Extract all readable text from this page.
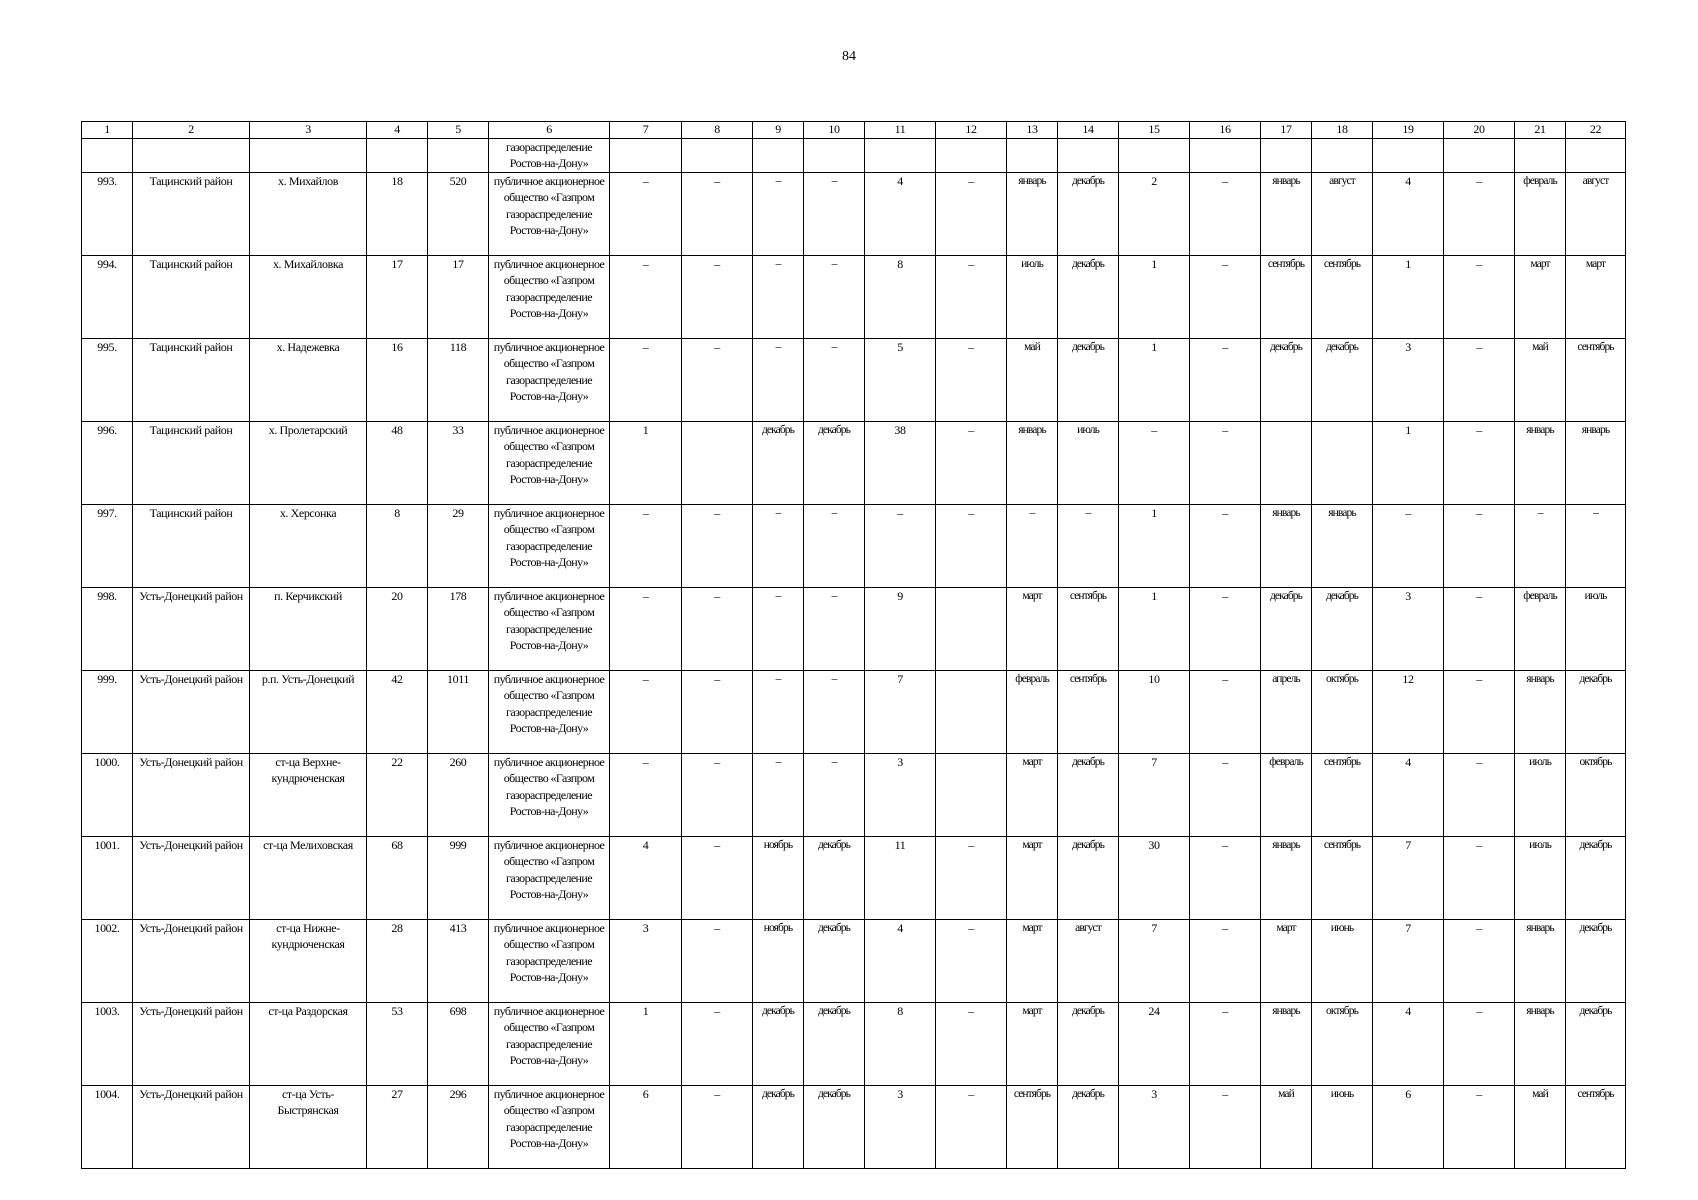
84
1	2	3	4	5	6	7	8	9	10	11	12	13	14	15	16	17	18	19	20	21	22
					газораспределение Ростов-на-Дону»																
993.	Тацинский район	х. Михайлов	18	520	публичное акционерное общество «Газпром газораспределение Ростов-на-Дону»	–	–	–	–	4	–	январь	декабрь	2	–	январь	август	4	–	февраль	август
994.	Тацинский район	х. Михайловка	17	17	публичное акционерное общество «Газпром газораспределение Ростов-на-Дону»	–	–	–	–	8	–	июль	декабрь	1	–	сентябрь	сентябрь	1	–	март	март
995.	Тацинский район	х. Надежевка	16	118	публичное акционерное общество «Газпром газораспределение Ростов-на-Дону»	–	–	–	–	5	–	май	декабрь	1	–	декабрь	декабрь	3	–	май	сентябрь
996.	Тацинский район	х. Пролетарский	48	33	публичное акционерное общество «Газпром газораспределение Ростов-на-Дону»	1		декабрь	декабрь	38	–	январь	июль	–	–			1	–	январь	январь
997.	Тацинский район	х. Херсонка	8	29	публичное акционерное общество «Газпром газораспределение Ростов-на-Дону»	–	–	–	–	–	–	–	–	1	–	январь	январь	–	–	–	–
998.	Усть-Донецкий район	п. Керчикский	20	178	публичное акционерное общество «Газпром газораспределение Ростов-на-Дону»	–	–	–	–	9		март	сентябрь	1	–	декабрь	декабрь	3	–	февраль	июль
999.	Усть-Донецкий район	р.п. Усть-Донецкий	42	1011	публичное акционерное общество «Газпром газораспределение Ростов-на-Дону»	–	–	–	–	7		февраль	сентябрь	10	–	апрель	октябрь	12	–	январь	декабрь
1000.	Усть-Донецкий район	ст-ца Верхне-кундрюченская	22	260	публичное акционерное общество «Газпром газораспределение Ростов-на-Дону»	–	–	–	–	3		март	декабрь	7	–	февраль	сентябрь	4	–	июль	октябрь
1001.	Усть-Донецкий район	ст-ца Мелиховская	68	999	публичное акционерное общество «Газпром газораспределение Ростов-на-Дону»	4	–	ноябрь	декабрь	11	–	март	декабрь	30	–	январь	сентябрь	7	–	июль	декабрь
1002.	Усть-Донецкий район	ст-ца Нижне-кундрюченская	28	413	публичное акционерное общество «Газпром газораспределение Ростов-на-Дону»	3	–	ноябрь	декабрь	4	–	март	август	7	–	март	июнь	7	–	январь	декабрь
1003.	Усть-Донецкий район	ст-ца Раздорская	53	698	публичное акционерное общество «Газпром газораспределение Ростов-на-Дону»	1	–	декабрь	декабрь	8	–	март	декабрь	24	–	январь	октябрь	4	–	январь	декабрь
1004.	Усть-Донецкий район	ст-ца Усть-Быстрянская	27	296	публичное акционерное общество «Газпром газораспределение Ростов-на-Дону»	6	–	декабрь	декабрь	3	–	сентябрь	декабрь	3	–	май	июнь	6	–	май	сентябрь
